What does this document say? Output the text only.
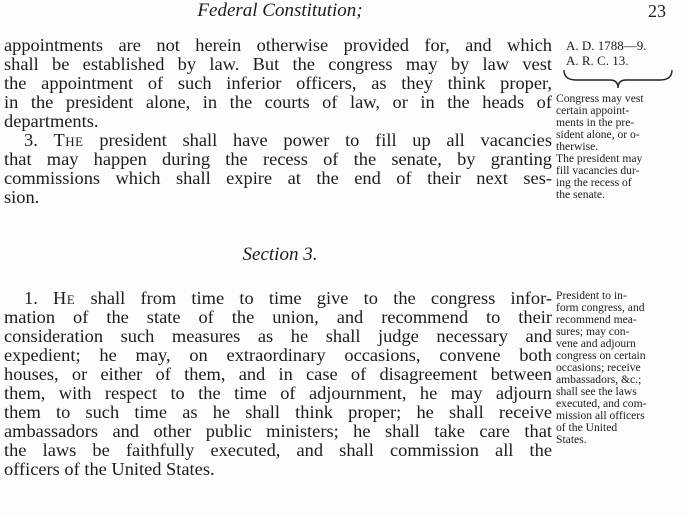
Federal Constitution;	23
A. D. 1788—9.
A. R. C. 13.
appointments are not herein otherwise provided for, and which
shall be established by law. But the congress may by law vest
the appointment of such inferior officers, as they think proper,
in the president alone, in the courts of law, or in the heads of
departments.
3. The president shall have power to fill up all vacancies
that may happen during the recess of the senate, by granting
commissions which shall expire at the end of their next ses-
sion.
Congress may vest
certain appoint-
ments in the pre-
sident alone, or o-
therwise.
The president may
fill vacancies dur-
ing the recess of
the senate.
Section 3.
1. He shall from time to time give to the congress infor-
mation of the state of the union, and recommend to their
consideration such measures as he shall judge necessary and
expedient; he may, on extraordinary occasions, convene both
houses, or either of them, and in case of disagreement between
them, with respect to the time of adjournment, he may adjourn
them to such time as he shall think proper; he shall receive
ambassadors and other public ministers; he shall take care that
the laws be faithfully executed, and shall commission all the
officers of the United States.
President to in-
form congress, and
recommend mea-
sures; may con-
vene and adjourn
congress on certain
occasions; receive
ambassadors, &c.;
shall see the laws
executed, and com-
mission all officers
of the United
States.
